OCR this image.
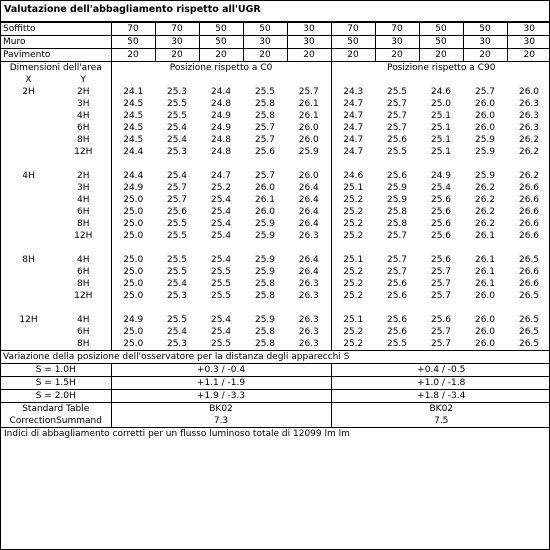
Valutazione dell'abbagliamento rispetto all'UGR
Soffitto		70	70	50	50	30	70	70	50	50	30
Muro		50	30	50	30	30	50	30	50	30	30
Pavimento		20	20	20	20	20	20	20	20	20	20
Dimensioni dell'area		Posizione rispetto a C0					Posizione rispetto a C90				
X	Y										
2H	2H	24.1	25.3	24.4	25.5	25.7	24.3	25.5	24.6	25.7	26.0
	3H	24.5	25.5	24.8	25.8	26.1	24.7	25.7	25.0	26.0	26.3
	4H	24.5	25.5	24.9	25.8	26.1	24.7	25.7	25.1	26.0	26.3
	6H	24.5	25.4	24.9	25.7	26.0	24.7	25.7	25.1	26.0	26.3
	8H	24.5	25.4	24.8	25.7	26.0	24.7	25.6	25.1	25.9	26.2
	12H	24.4	25.3	24.8	25.6	25.9	24.7	25.5	25.1	25.9	26.2

4H	2H	24.4	25.4	24.7	25.7	26.0	24.6	25.6	24.9	25.9	26.2
	3H	24.9	25.7	25.2	26.0	26.4	25.1	25.9	25.4	26.2	26.6
	4H	25.0	25.7	25.4	26.1	26.4	25.2	25.9	25.6	26.2	26.6
	6H	25.0	25.6	25.4	26.0	26.4	25.2	25.8	25.6	26.2	26.6
	8H	25.0	25.5	25.4	25.9	26.4	25.2	25.8	25.6	26.2	26.6
	12H	25.0	25.5	25.4	25.9	26.3	25.2	25.7	25.6	26.1	26.6

8H	4H	25.0	25.5	25.4	25.9	26.4	25.1	25.7	25.6	26.1	26.5
	6H	25.0	25.5	25.5	25.9	26.4	25.2	25.7	25.7	26.1	26.6
	8H	25.0	25.4	25.5	25.8	26.3	25.2	25.6	25.7	26.1	26.6
	12H	25.0	25.3	25.5	25.8	26.3	25.2	25.6	25.7	26.0	26.5

12H	4H	24.9	25.5	25.4	25.9	26.3	25.1	25.6	25.6	26.0	26.5
	6H	25.0	25.4	25.4	25.8	26.3	25.2	25.6	25.7	26.0	26.5
	8H	25.0	25.3	25.5	25.8	26.3	25.2	25.5	25.7	26.0	26.5
Variazione della posizione dell'osservatore per la distanza degli apparecchi S											
S = 1.0H		+0.3 / -0.4					+0.4 / -0.5				
S = 1.5H		+1.1 / -1.9					+1.0 / -1.8				
S = 2.0H		+1.9 / -3.3					+1.8 / -3.4				
Standard Table		BK02					BK02				
CorrectionSummand		7.3					7.5				
Indici di abbagliamento corretti per un flusso luminoso totale di 12099 lm lm
